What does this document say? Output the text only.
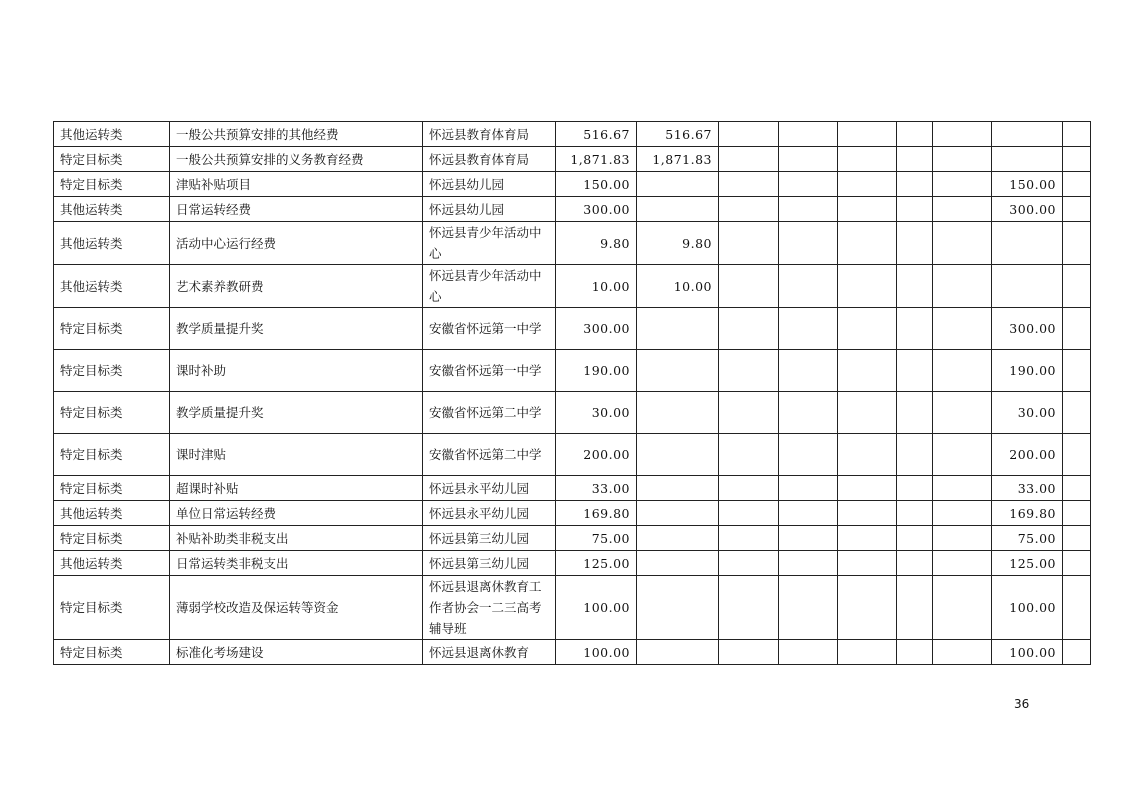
其他运转类	一般公共预算安排的其他经费	怀远县教育体育局	516.67	516.67							
特定目标类	一般公共预算安排的义务教育经费	怀远县教育体育局	1,871.83	1,871.83							
特定目标类	津贴补贴项目	怀远县幼儿园	150.00							150.00	
其他运转类	日常运转经费	怀远县幼儿园	300.00							300.00	
其他运转类	活动中心运行经费	怀远县青少年活动中心	9.80	9.80							
其他运转类	艺术素养教研费	怀远县青少年活动中心	10.00	10.00							
特定目标类	教学质量提升奖	安徽省怀远第一中学	300.00							300.00	
特定目标类	课时补助	安徽省怀远第一中学	190.00							190.00	
特定目标类	教学质量提升奖	安徽省怀远第二中学	30.00							30.00	
特定目标类	课时津贴	安徽省怀远第二中学	200.00							200.00	
特定目标类	超课时补贴	怀远县永平幼儿园	33.00							33.00	
其他运转类	单位日常运转经费	怀远县永平幼儿园	169.80							169.80	
特定目标类	补贴补助类非税支出	怀远县第三幼儿园	75.00							75.00	
其他运转类	日常运转类非税支出	怀远县第三幼儿园	125.00							125.00	
特定目标类	薄弱学校改造及保运转等资金	怀远县退离休教育工作者协会一二三高考辅导班	100.00							100.00	
特定目标类	标准化考场建设	怀远县退离休教育	100.00							100.00	
36
